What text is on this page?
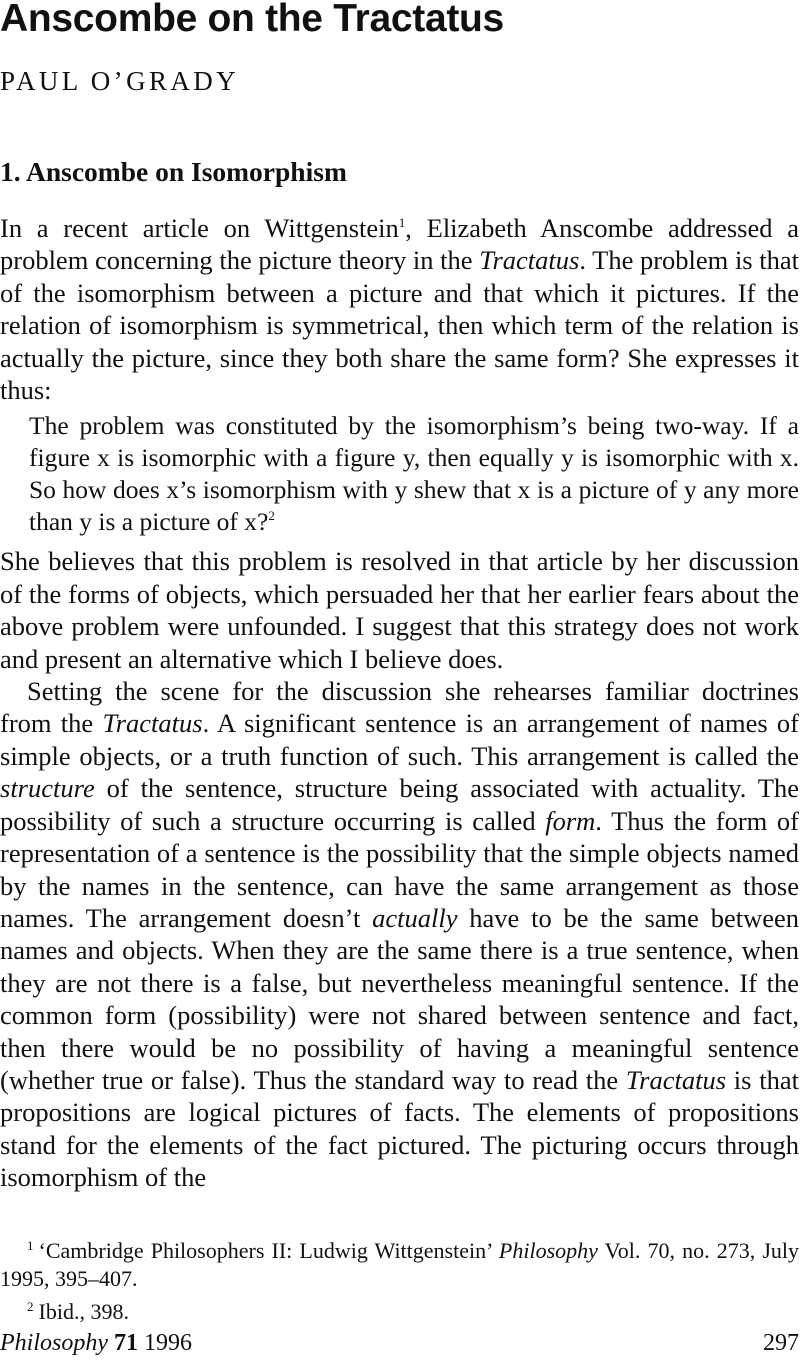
Anscombe on the Tractatus
PAUL O’GRADY
1. Anscombe on Isomorphism

In a recent article on Wittgenstein$^1$, Elizabeth Anscombe addressed a problem concerning the picture theory in the Tractatus. The problem is that of the isomorphism between a picture and that which it pictures. If the relation of isomorphism is symmetrical, then which term of the relation is actually the picture, since they both share the same form? She expresses it thus:

The problem was constituted by the isomorphism’s being two-way. If a figure x is isomorphic with a figure y, then equally y is isomorphic with x. So how does x’s isomorphism with y shew that x is a picture of y any more than y is a picture of x?$^2$

She believes that this problem is resolved in that article by her discussion of the forms of objects, which persuaded her that her earlier fears about the above problem were unfounded. I suggest that this strategy does not work and present an alternative which I believe does.

Setting the scene for the discussion she rehearses familiar doctrines from the Tractatus. A significant sentence is an arrangement of names of simple objects, or a truth function of such. This arrangement is called the structure of the sentence, structure being associated with actuality. The possibility of such a structure occurring is called form. Thus the form of representation of a sentence is the possibility that the simple objects named by the names in the sentence, can have the same arrangement as those names. The arrangement doesn’t actually have to be the same between names and objects. When they are the same there is a true sentence, when they are not there is a false, but nevertheless meaningful sentence. If the common form (possibility) were not shared between sentence and fact, then there would be no possibility of having a meaningful sentence (whether true or false). Thus the standard way to read the Tractatus is that propositions are logical pictures of facts. The elements of propositions stand for the elements of the fact pictured. The picturing occurs through isomorphism of the

$^1$ ‘Cambridge Philosophers II: Ludwig Wittgenstein’ Philosophy Vol. 70, no. 273, July 1995, 395–407.

$^2$ Ibid., 398.

Philosophy 71 1996	297
